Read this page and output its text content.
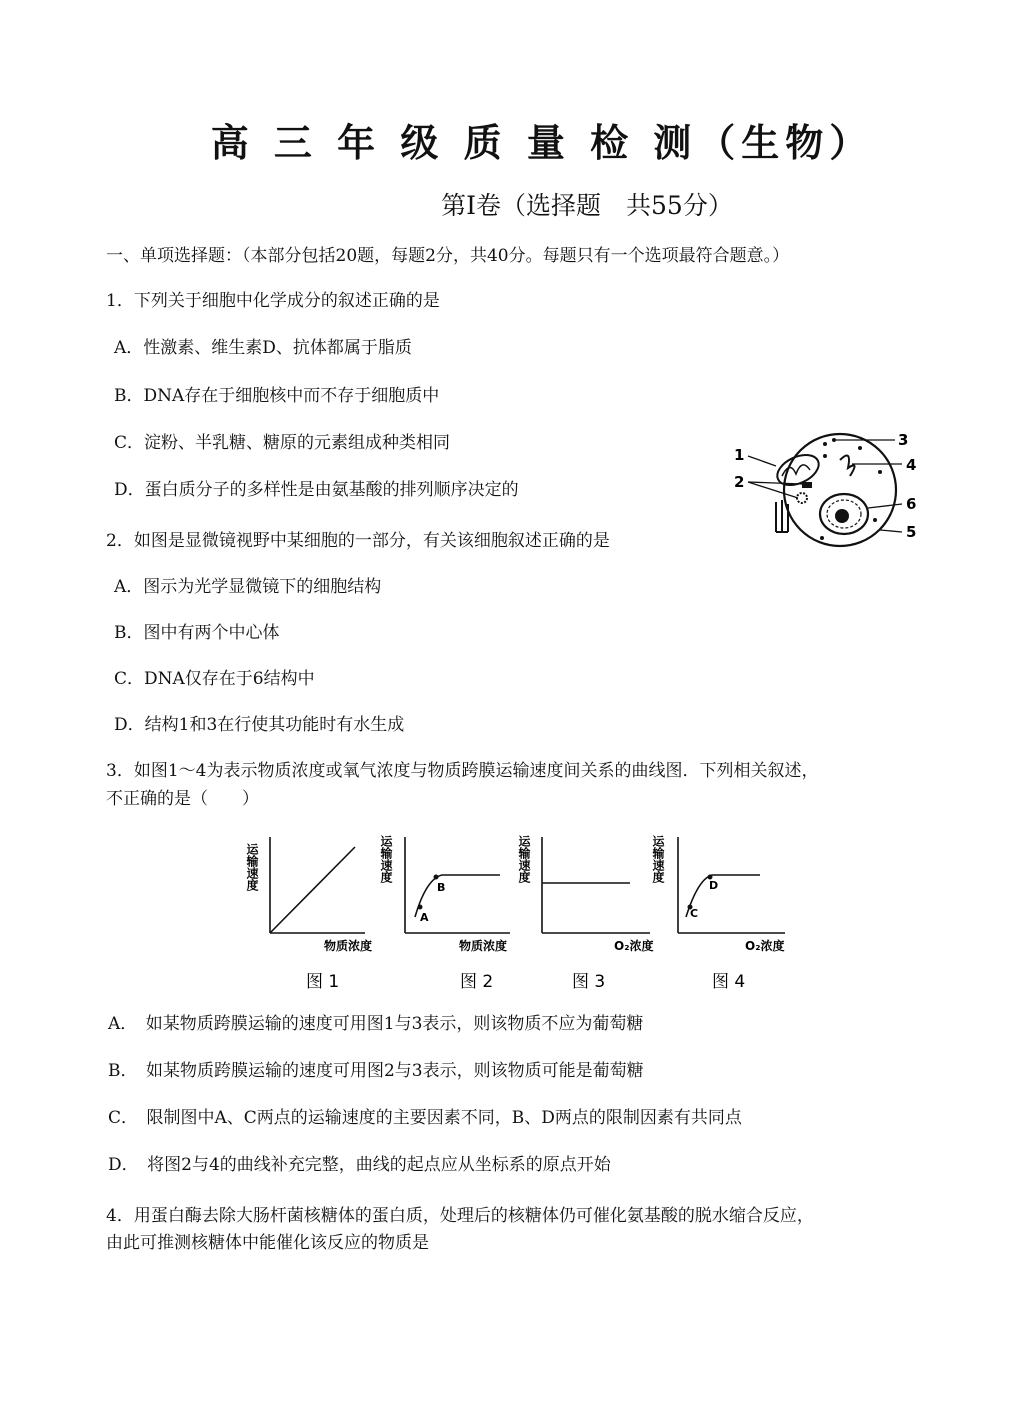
高 三 年 级 质 量 检 测（生物）
第Ⅰ卷（选择题　共55分）
一、单项选择题：（本部分包括20题，每题2分，共40分。每题只有一个选项最符合题意。）
1．下列关于细胞中化学成分的叙述正确的是
A．性激素、维生素D、抗体都属于脂质
B．DNA存在于细胞核中而不存于细胞质中
C．淀粉、半乳糖、糖原的元素组成种类相同
D．蛋白质分子的多样性是由氨基酸的排列顺序决定的
2．如图是显微镜视野中某细胞的一部分，有关该细胞叙述正确的是
A．图示为光学显微镜下的细胞结构
B．图中有两个中心体
C．DNA仅存在于6结构中
D．结构1和3在行使其功能时有水生成
1
2
3
4
5
6
3．如图1～4为表示物质浓度或氧气浓度与物质跨膜运输速度间关系的曲线图．下列相关叙述，
不正确的是（　　）
运输速度
物质浓度
图 1
A
B
运输速度
物质浓度
图 2
运输速度
O₂浓度
图 3
C
D
运输速度
O₂浓度
图 4
A．　如某物质跨膜运输的速度可用图1与3表示，则该物质不应为葡萄糖
B．　如某物质跨膜运输的速度可用图2与3表示，则该物质可能是葡萄糖
C．　限制图中A、C两点的运输速度的主要因素不同，B、D两点的限制因素有共同点
D．　将图2与4的曲线补充完整，曲线的起点应从坐标系的原点开始
4．用蛋白酶去除大肠杆菌核糖体的蛋白质，处理后的核糖体仍可催化氨基酸的脱水缩合反应，
由此可推测核糖体中能催化该反应的物质是
